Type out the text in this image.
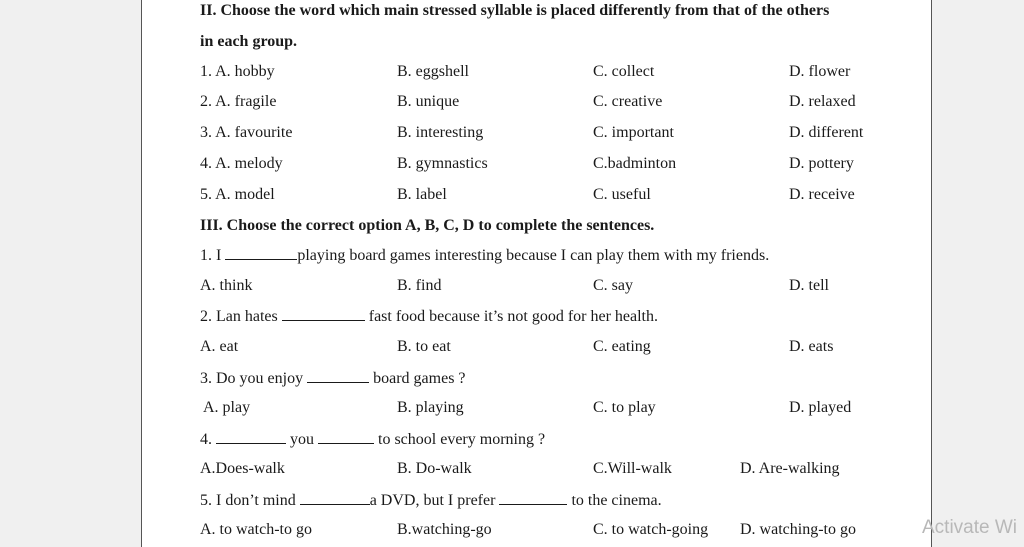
II. Choose the word which main stressed syllable is placed differently from that of the others
in each group.
1. A. hobby	B. eggshell	C. collect	D. flower
2. A. fragile	B. unique	C. creative	D. relaxed
3. A. favourite	B. interesting	C. important	D. different
4. A. melody	B. gymnastics	C.badminton	D. pottery
5. A. model	B. label	C. useful	D. receive
III. Choose the correct option A, B, C, D to complete the sentences.
1. I	playing board games interesting because I can play them with my friends.
A. think	B. find	C. say	D. tell
2. Lan hates	fast food because it’s not good for her health.
A. eat	B. to eat	C. eating	D. eats
3. Do you enjoy	board games ?
A. play	B. playing	C. to play	D. played
4.	you	to school every morning ?
A.Does-walk	B. Do-walk	C.Will-walk	D. Are-walking
5. I don’t mind	a DVD, but I prefer	to the cinema.
A. to watch-to go	B.watching-go	C. to watch-going D. watching-to go	Activate Wi
